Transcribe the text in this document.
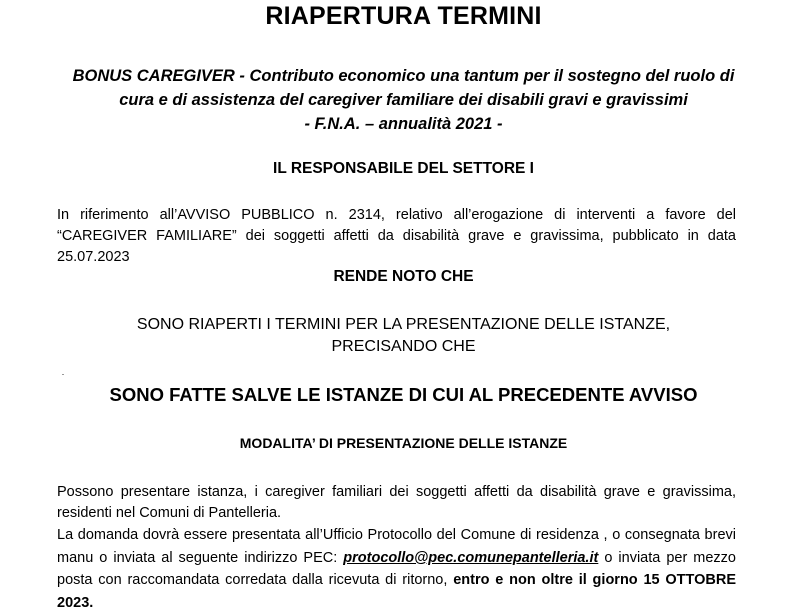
RIAPERTURA TERMINI
BONUS CAREGIVER - Contributo economico una tantum per il sostegno del ruolo di
cura e di assistenza del caregiver familiare dei disabili gravi e gravissimi
- F.N.A. – annualità 2021 -
IL RESPONSABILE DEL SETTORE I
In riferimento all’AVVISO PUBBLICO n. 2314, relativo all’erogazione di interventi a favore del “CAREGIVER FAMILIARE” dei soggetti affetti da disabilità grave e gravissima, pubblicato in data 25.07.2023
RENDE NOTO CHE
SONO RIAPERTI I TERMINI PER LA PRESENTAZIONE DELLE ISTANZE,
PRECISANDO CHE
SONO FATTE SALVE LE ISTANZE DI CUI AL PRECEDENTE AVVISO
MODALITA’ DI PRESENTAZIONE DELLE ISTANZE
Possono presentare istanza, i caregiver familiari dei soggetti affetti da disabilità grave e gravissima, residenti nel Comuni di Pantelleria.
La domanda dovrà essere presentata all’Ufficio Protocollo del Comune di residenza , o consegnata brevi manu o inviata al seguente indirizzo PEC: protocollo@pec.comunepantelleria.it o inviata per mezzo posta con raccomandata corredata dalla ricevuta di ritorno, entro e non oltre il giorno 15 OTTOBRE 2023.
